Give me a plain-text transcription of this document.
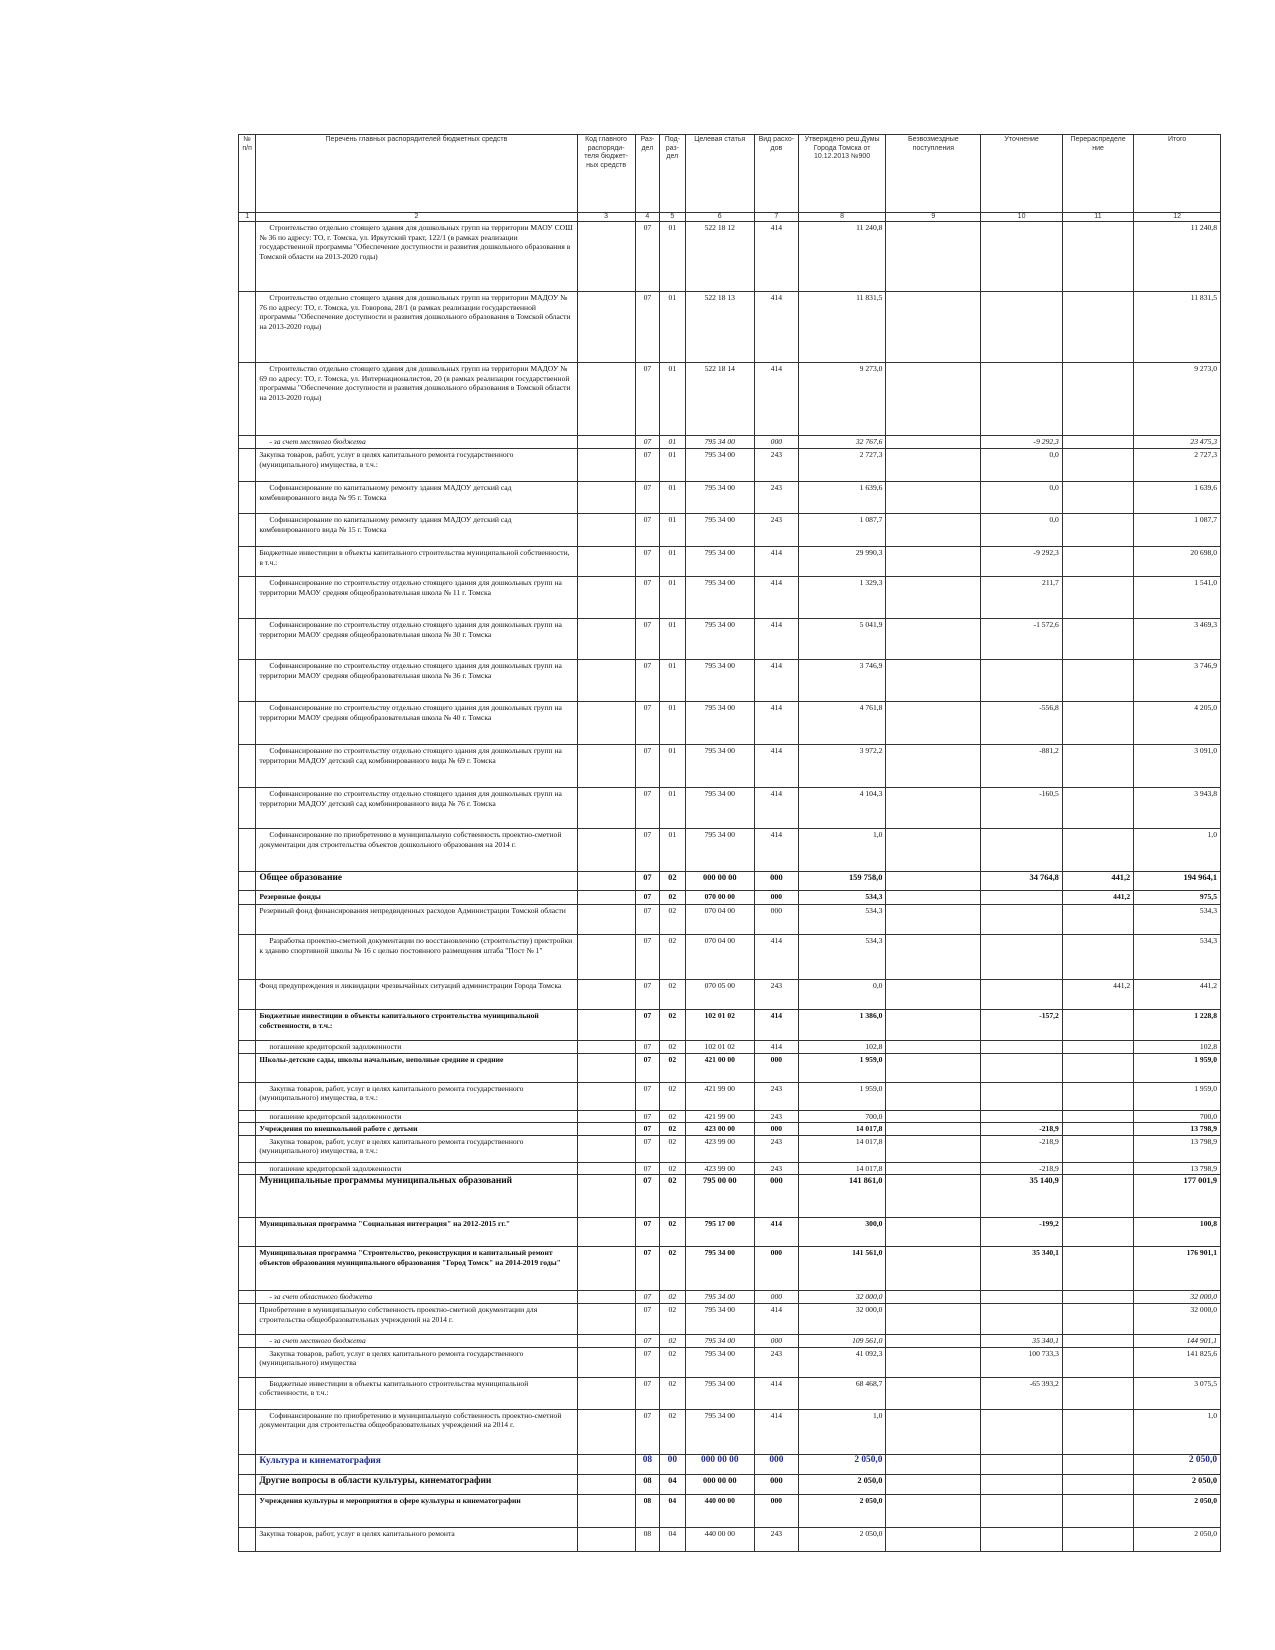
№ п/п	Перечень главных распорядителей бюджетных средств	Код главного распоряди- теля бюджет- ных средств	Раз- дел	Под- раз- дел	Целевая статья	Вид расхо- дов	Утверждено реш.Думы Города Томска от 10.12.2013 №900	Безвозмездные поступления	Уточнение	Перераспределе ние	Итого
1	2	3	4	5	6	7	8	9	10	11	12
	Строительство отдельно стоящего здания для дошкольных групп на территории МАОУ СОШ № 36 по адресу: ТО, г. Томска, ул. Иркутский тракт, 122/1 (в рамках реализации государственной программы "Обеспечение доступности и развития дошкольного образования в Томской области на 2013-2020 годы)		07	01	522 18 12	414	11 240,8				11 240,8
	Строительство отдельно стоящего здания для дошкольных групп на территории МАДОУ № 76 по адресу: ТО, г. Томска, ул. Говорова, 28/1 (в рамках реализации государственной программы "Обеспечение доступности и развития дошкольного образования в Томской области на 2013-2020 годы)		07	01	522 18 13	414	11 831,5				11 831,5
	Строительство отдельно стоящего здания для дошкольных групп на территории МАДОУ № 69 по адресу: ТО, г. Томска, ул. Интернационалистов, 20 (в рамках реализации государственной программы "Обеспечение доступности и развития дошкольного образования в Томской области на 2013-2020 годы)		07	01	522 18 14	414	9 273,0				9 273,0
	- за счет местного бюджета		07	01	795 34 00	000	32 767,6		-9 292,3		23 475,3
	Закупка товаров, работ, услуг в целях капитального ремонта государственного (муниципального) имущества, в т.ч.:		07	01	795 34 00	243	2 727,3		0,0		2 727,3
	Софинансирование по капитальному ремонту здания МАДОУ детский сад комбинированного вида № 95 г. Томска		07	01	795 34 00	243	1 639,6		0,0		1 639,6
	Софинансирование по капитальному ремонту здания МАДОУ детский сад комбинированного вида № 15 г. Томска		07	01	795 34 00	243	1 087,7		0,0		1 087,7
	Бюджетные инвестиции в объекты капитального строительства муниципальной собственности, в т.ч.:		07	01	795 34 00	414	29 990,3		-9 292,3		20 698,0
	Софинансирование по строительству отдельно стоящего здания для дошкольных групп на территории МАОУ средняя общеобразовательная школа № 11 г. Томска		07	01	795 34 00	414	1 329,3		211,7		1 541,0
	Софинансирование по строительству отдельно стоящего здания для дошкольных групп на территории МАОУ средняя общеобразовательная школа № 30 г. Томска		07	01	795 34 00	414	5 041,9		-1 572,6		3 469,3
	Софинансирование по строительству отдельно стоящего здания для дошкольных групп на территории МАОУ средняя общеобразовательная школа № 36 г. Томска		07	01	795 34 00	414	3 746,9				3 746,9
	Софинансирование по строительству отдельно стоящего здания для дошкольных групп на территории МАОУ средняя общеобразовательная школа № 40 г. Томска		07	01	795 34 00	414	4 761,8		-556,8		4 205,0
	Софинансирование по строительству отдельно стоящего здания для дошкольных групп на территории МАДОУ детский сад комбинированного вида № 69 г. Томска		07	01	795 34 00	414	3 972,2		-881,2		3 091,0
	Софинансирование по строительству отдельно стоящего здания для дошкольных групп на территории МАДОУ детский сад комбинированного вида № 76 г. Томска		07	01	795 34 00	414	4 104,3		-160,5		3 943,8
	Софинансирование по приобретению в муниципальную собственность проектно-сметной документации для строительства объектов дошкольного образования на 2014 г.		07	01	795 34 00	414	1,0				1,0
	Общее образование		07	02	000 00 00	000	159 758,0		34 764,8	441,2	194 964,1
	Резервные фонды		07	02	070 00 00	000	534,3			441,2	975,5
	Резервный фонд финансирования непредвиденных расходов Администрации Томской области		07	02	070 04 00	000	534,3				534,3
	Разработка проектно-сметной документации по восстановлению (строительству) пристройки к зданию спортивной школы № 16 с целью постоянного размещения штаба "Пост № 1"		07	02	070 04 00	414	534,3				534,3
	Фонд предупреждения и ликвидации чрезвычайных ситуаций администрации Города Томска		07	02	070 05 00	243	0,0			441,2	441,2
	Бюджетные инвестиции в объекты капитального строительства муниципальной собственности, в т.ч.:		07	02	102 01 02	414	1 386,0		-157,2		1 228,8
	погашение кредиторской задолженности		07	02	102 01 02	414	102,8				102,8
	Школы-детские сады, школы начальные, неполные средние и средние		07	02	421 00 00	000	1 959,0				1 959,0
	Закупка товаров, работ, услуг в целях капитального ремонта государственного (муниципального) имущества, в т.ч.:		07	02	421 99 00	243	1 959,0				1 959,0
	погашение кредиторской задолженности		07	02	421 99 00	243	700,0				700,0
	Учреждения по внешкольной работе с детьми		07	02	423 00 00	000	14 017,8		-218,9		13 798,9
	Закупка товаров, работ, услуг в целях капитального ремонта государственного (муниципального) имущества, в т.ч.:		07	02	423 99 00	243	14 017,8		-218,9		13 798,9
	погашение кредиторской задолженности		07	02	423 99 00	243	14 017,8		-218,9		13 798,9
	Муниципальные программы муниципальных образований		07	02	795 00 00	000	141 861,0		35 140,9		177 001,9
	Муниципальная программа "Социальная интеграция" на 2012-2015 гг."		07	02	795 17 00	414	300,0		-199,2		100,8
	Муниципальная программа "Строительство, реконструкция и капитальный ремонт объектов образования муниципального образования "Город Томск" на 2014-2019 годы"		07	02	795 34 00	000	141 561,0		35 340,1		176 901,1
	- за счет областного бюджета		07	02	795 34 00	000	32 000,0				32 000,0
	Приобретение в муниципальную собственность проектно-сметной документации для строительства общеобразовательных учреждений на 2014 г.		07	02	795 34 00	414	32 000,0				32 000,0
	- за счет местного бюджета		07	02	795 34 00	000	109 561,0		35 340,1		144 901,1
	Закупка товаров, работ, услуг в целях капитального ремонта государственного (муниципального) имущества		07	02	795 34 00	243	41 092,3		100 733,3		141 825,6
	Бюджетные инвестиции в объекты капитального строительства муниципальной собственности, в т.ч.:		07	02	795 34 00	414	68 468,7		-65 393,2		3 075,5
	Софинансирование по приобретению в муниципальную собственность проектно-сметной документации для строительства общеобразовательных учреждений на 2014 г.		07	02	795 34 00	414	1,0				1,0
	Культура и кинематография		08	00	000 00 00	000	2 050,0				2 050,0
	Другие вопросы в области культуры, кинематографии		08	04	000 00 00	000	2 050,0				2 050,0
	Учреждения культуры и мероприятия в сфере культуры и кинематографии		08	04	440 00 00	000	2 050,0				2 050,0
	Закупка товаров, работ, услуг в целях капитального ремонта		08	04	440 00 00	243	2 050,0				2 050,0
